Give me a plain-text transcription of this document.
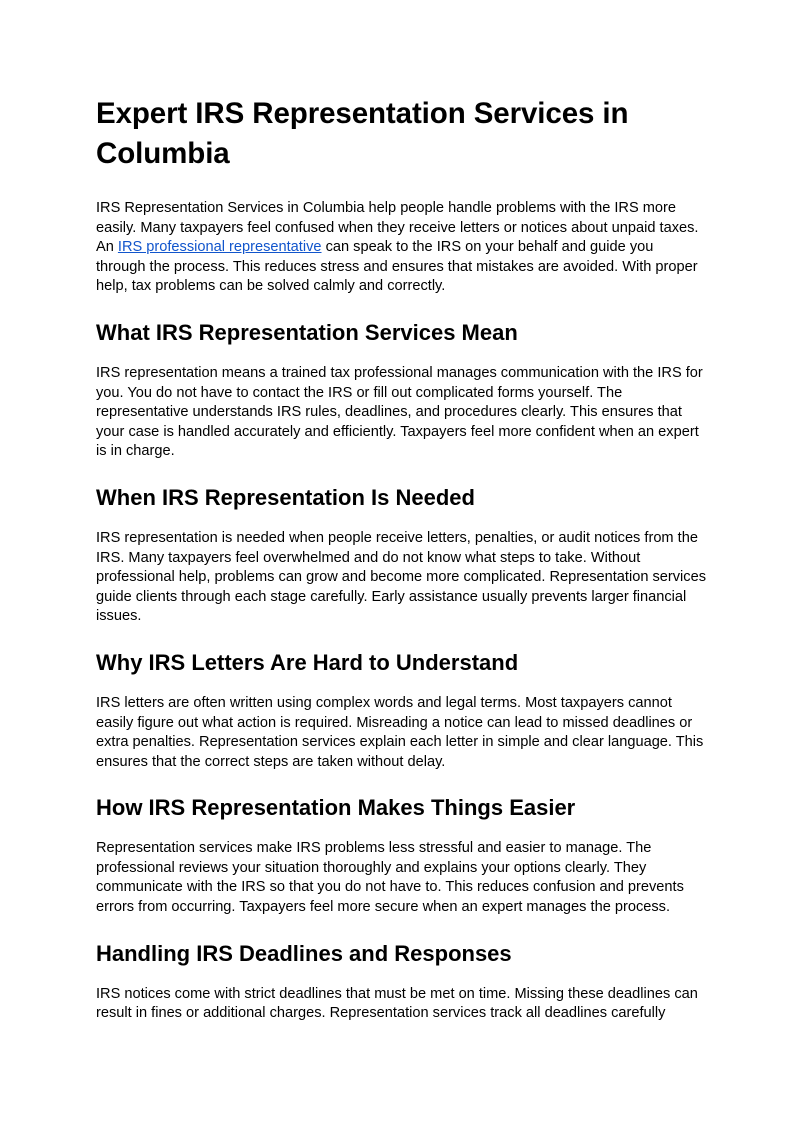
Expert IRS Representation Services in Columbia

IRS Representation Services in Columbia help people handle problems with the IRS more easily. Many taxpayers feel confused when they receive letters or notices about unpaid taxes. An IRS professional representative can speak to the IRS on your behalf and guide you through the process. This reduces stress and ensures that mistakes are avoided. With proper help, tax problems can be solved calmly and correctly.

What IRS Representation Services Mean

IRS representation means a trained tax professional manages communication with the IRS for you. You do not have to contact the IRS or fill out complicated forms yourself. The representative understands IRS rules, deadlines, and procedures clearly. This ensures that your case is handled accurately and efficiently. Taxpayers feel more confident when an expert is in charge.

When IRS Representation Is Needed

IRS representation is needed when people receive letters, penalties, or audit notices from the IRS. Many taxpayers feel overwhelmed and do not know what steps to take. Without professional help, problems can grow and become more complicated. Representation services guide clients through each stage carefully. Early assistance usually prevents larger financial issues.

Why IRS Letters Are Hard to Understand

IRS letters are often written using complex words and legal terms. Most taxpayers cannot easily figure out what action is required. Misreading a notice can lead to missed deadlines or extra penalties. Representation services explain each letter in simple and clear language. This ensures that the correct steps are taken without delay.

How IRS Representation Makes Things Easier

Representation services make IRS problems less stressful and easier to manage. The professional reviews your situation thoroughly and explains your options clearly. They communicate with the IRS so that you do not have to. This reduces confusion and prevents errors from occurring. Taxpayers feel more secure when an expert manages the process.

Handling IRS Deadlines and Responses

IRS notices come with strict deadlines that must be met on time. Missing these deadlines can result in fines or additional charges. Representation services track all deadlines carefully
